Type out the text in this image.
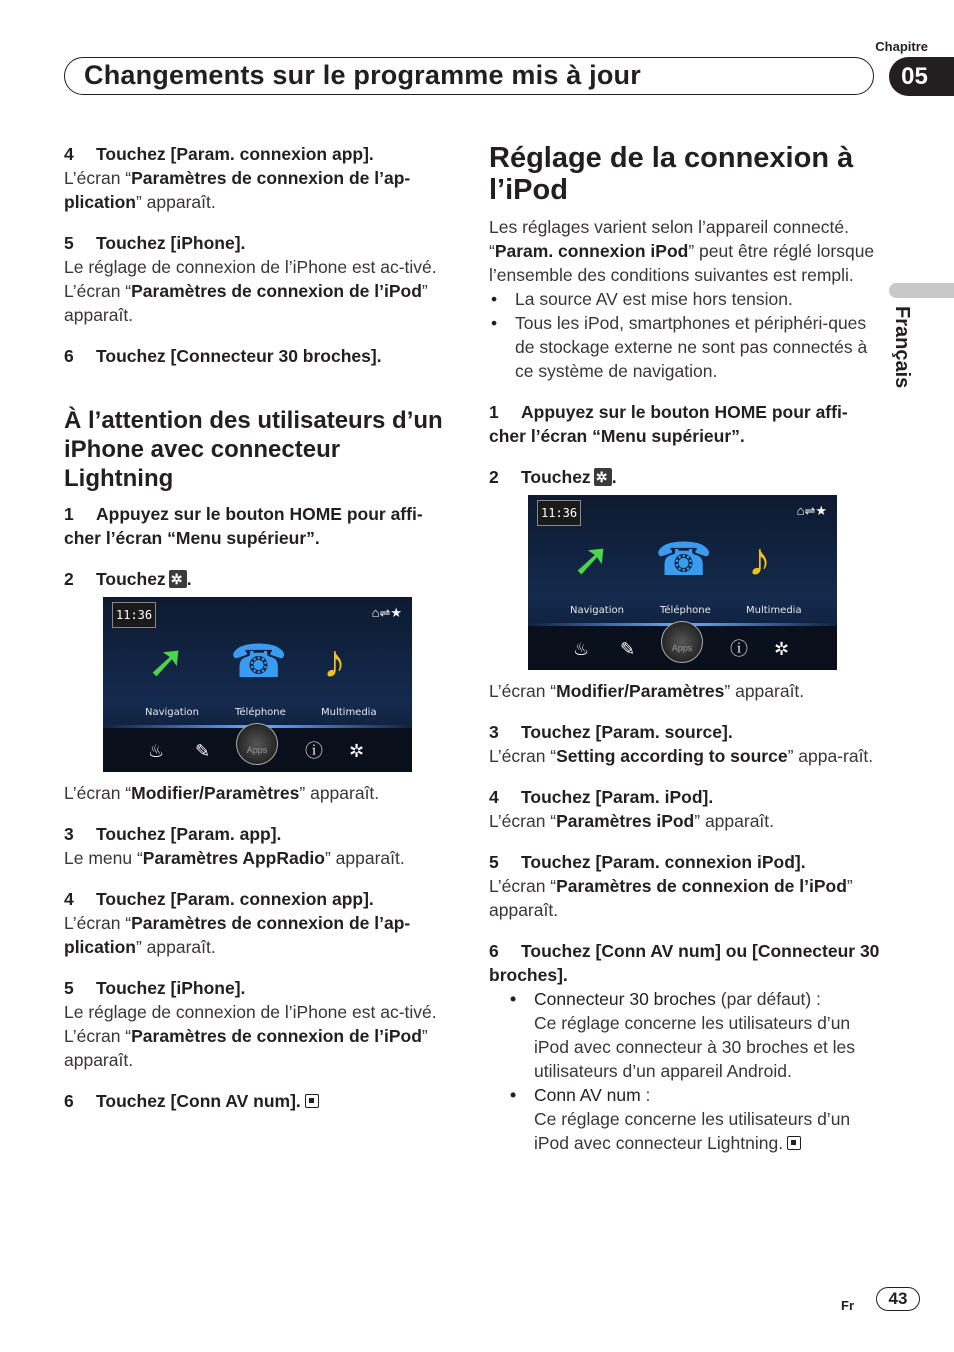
Chapitre
Changements sur le programme mis à jour	05
Français

4 Touchez [Param. connexion app].

L’écran “Paramètres de connexion de l’ap-plication” apparaît.

5 Touchez [iPhone].

Le réglage de connexion de l’iPhone est ac-tivé.

L’écran “Paramètres de connexion de l’iPod” apparaît.

6 Touchez [Connecteur 30 broches].

À l’attention des utilisateurs d’un iPhone avec connecteur Lightning

1 Appuyez sur le bouton HOME pour affi-cher l’écran “Menu supérieur”.

2 Touchez ✲ .

11:36	⌂⇌★
➚ ☎ ♪
Navigation	Téléphone	Multimedia
♨ ✎	Apps	ⓘ ✲

L’écran “Modifier/Paramètres” apparaît.

3 Touchez [Param. app].

Le menu “Paramètres AppRadio” apparaît.

4 Touchez [Param. connexion app].

L’écran “Paramètres de connexion de l’ap-plication” apparaît.

5 Touchez [iPhone].

Le réglage de connexion de l’iPhone est ac-tivé.

L’écran “Paramètres de connexion de l’iPod” apparaît.

6 Touchez [Conn AV num].

Réglage de la connexion à l’iPod

Les réglages varient selon l’appareil connecté.

“Param. connexion iPod” peut être réglé lorsque l’ensemble des conditions suivantes est rempli.

• La source AV est mise hors tension.

• Tous les iPod, smartphones et périphéri-ques de stockage externe ne sont pas connectés à ce système de navigation.

1 Appuyez sur le bouton HOME pour affi-cher l’écran “Menu supérieur”.

2 Touchez ✲ .

11:36	⌂⇌★
➚ ☎ ♪
Navigation	Téléphone	Multimedia
♨ ✎	Apps	ⓘ ✲

L’écran “Modifier/Paramètres” apparaît.

3 Touchez [Param. source].

L’écran “Setting according to source” appa-raît.

4 Touchez [Param. iPod].

L’écran “Paramètres iPod” apparaît.

5 Touchez [Param. connexion iPod].

L’écran “Paramètres de connexion de l’iPod” apparaît.

6 Touchez [Conn AV num] ou [Connecteur 30 broches].

• Connecteur 30 broches (par défaut) :

Ce réglage concerne les utilisateurs d’un iPod avec connecteur à 30 broches et les utilisateurs d’un appareil Android.

• Conn AV num :

Ce réglage concerne les utilisateurs d’un iPod avec connecteur Lightning.

Fr	43
